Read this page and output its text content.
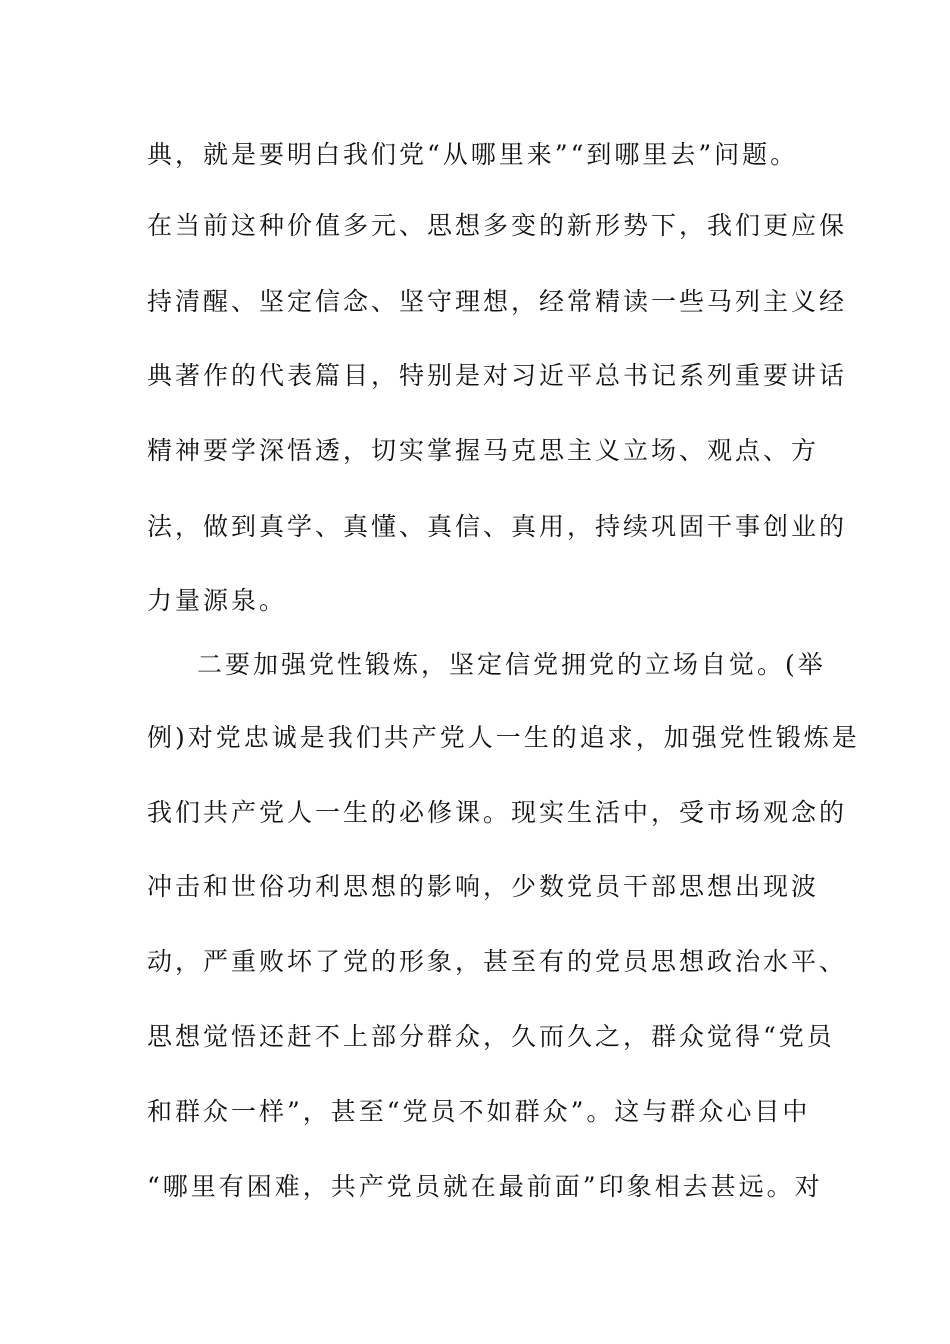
典，就是要明白我们党“从哪里来”“到哪里去”问题。
在当前这种价值多元、思想多变的新形势下，我们更应保
持清醒、坚定信念、坚守理想，经常精读一些马列主义经
典著作的代表篇目，特别是对习近平总书记系列重要讲话
精神要学深悟透，切实掌握马克思主义立场、观点、方
法，做到真学、真懂、真信、真用，持续巩固干事创业的
力量源泉。
二要加强党性锻炼，坚定信党拥党的立场自觉。(举
例)对党忠诚是我们共产党人一生的追求，加强党性锻炼是
我们共产党人一生的必修课。现实生活中，受市场观念的
冲击和世俗功利思想的影响，少数党员干部思想出现波
动，严重败坏了党的形象，甚至有的党员思想政治水平、
思想觉悟还赶不上部分群众，久而久之，群众觉得“党员
和群众一样”，甚至“党员不如群众”。这与群众心目中
“哪里有困难，共产党员就在最前面”印象相去甚远。对
